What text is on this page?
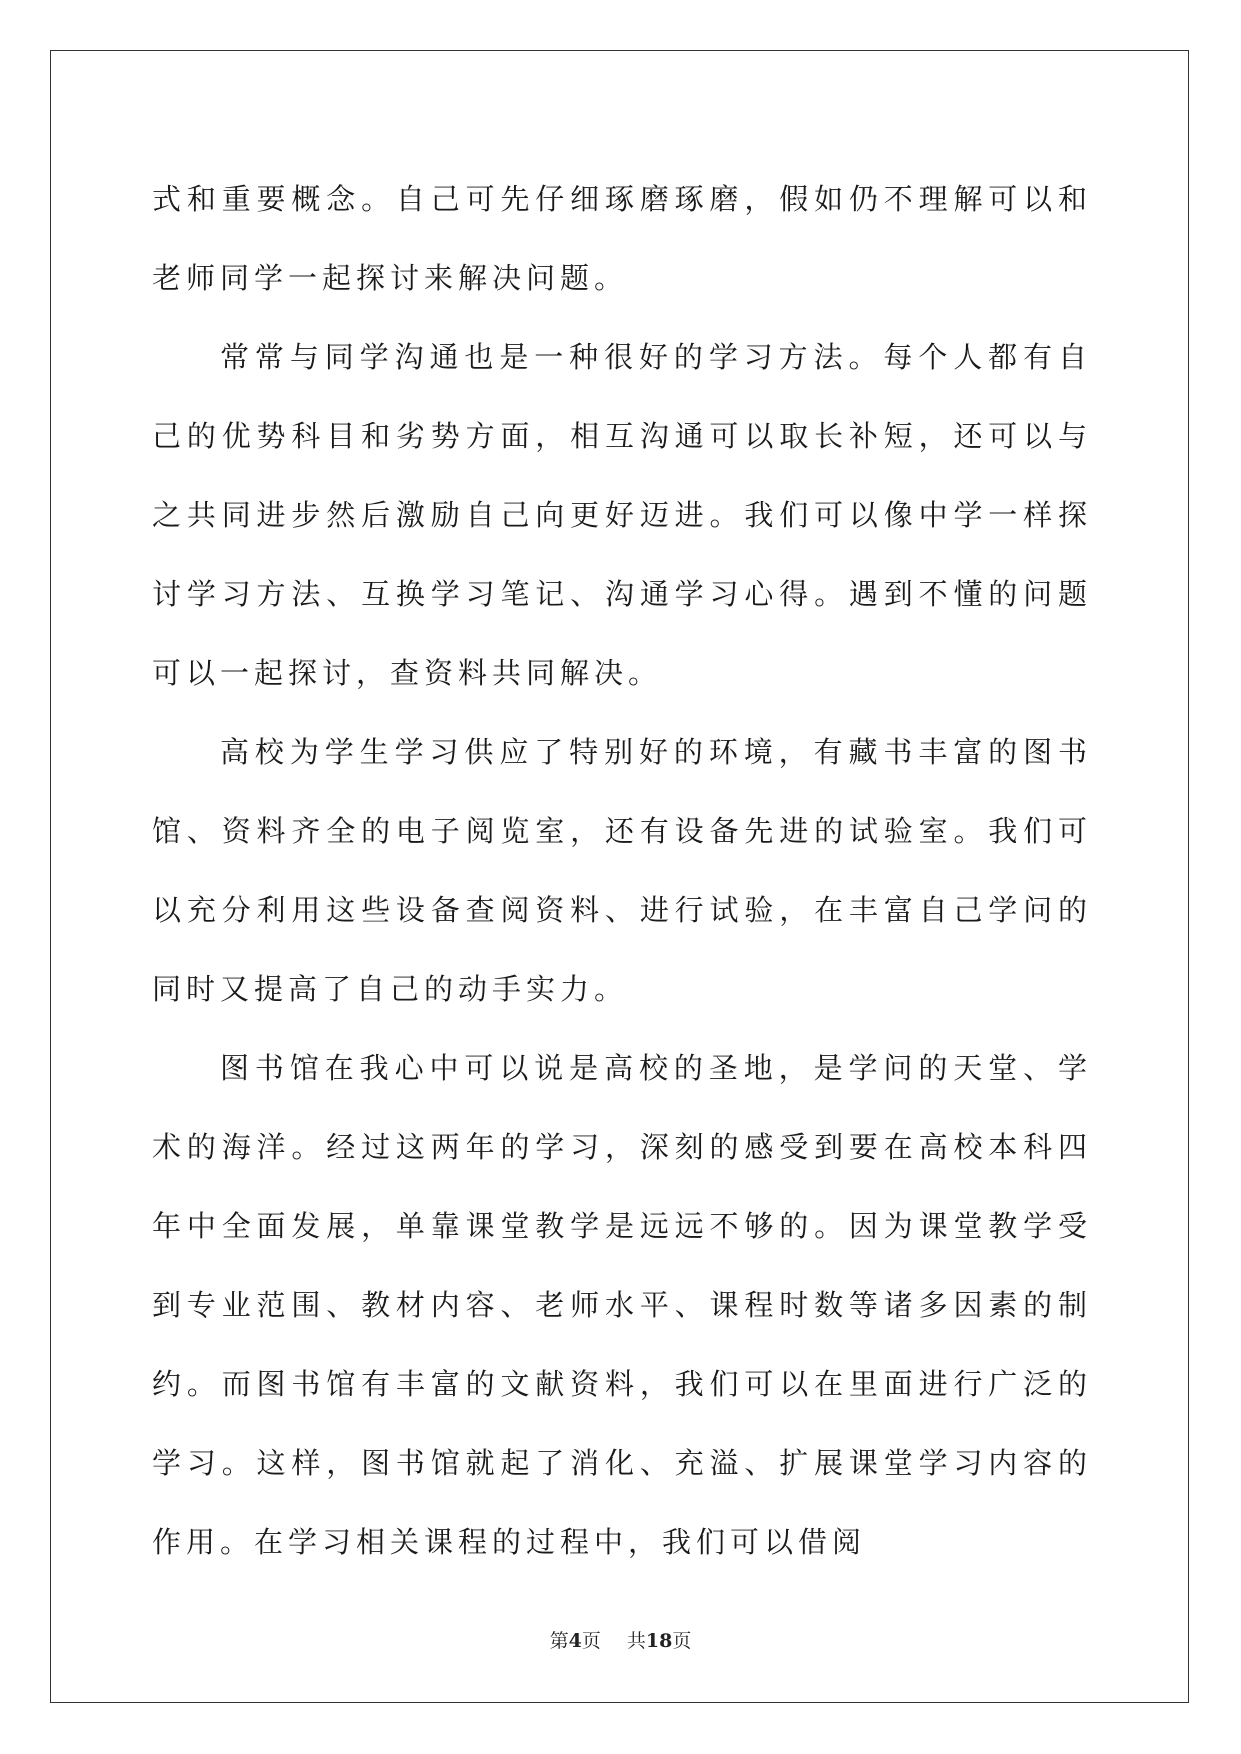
式和重要概念。自己可先仔细琢磨琢磨，假如仍不理解可以和老师同学一起探讨来解决问题。

常常与同学沟通也是一种很好的学习方法。每个人都有自己的优势科目和劣势方面，相互沟通可以取长补短，还可以与之共同进步然后激励自己向更好迈进。我们可以像中学一样探讨学习方法、互换学习笔记、沟通学习心得。遇到不懂的问题可以一起探讨，查资料共同解决。

高校为学生学习供应了特别好的环境，有藏书丰富的图书馆、资料齐全的电子阅览室，还有设备先进的试验室。我们可以充分利用这些设备查阅资料、进行试验，在丰富自己学问的同时又提高了自己的动手实力。

图书馆在我心中可以说是高校的圣地，是学问的天堂、学术的海洋。经过这两年的学习，深刻的感受到要在高校本科四年中全面发展，单靠课堂教学是远远不够的。因为课堂教学受到专业范围、教材内容、老师水平、课程时数等诸多因素的制约。而图书馆有丰富的文献资料，我们可以在里面进行广泛的学习。这样，图书馆就起了消化、充溢、扩展课堂学习内容的作用。在学习相关课程的过程中，我们可以借阅

第4页 共18页
